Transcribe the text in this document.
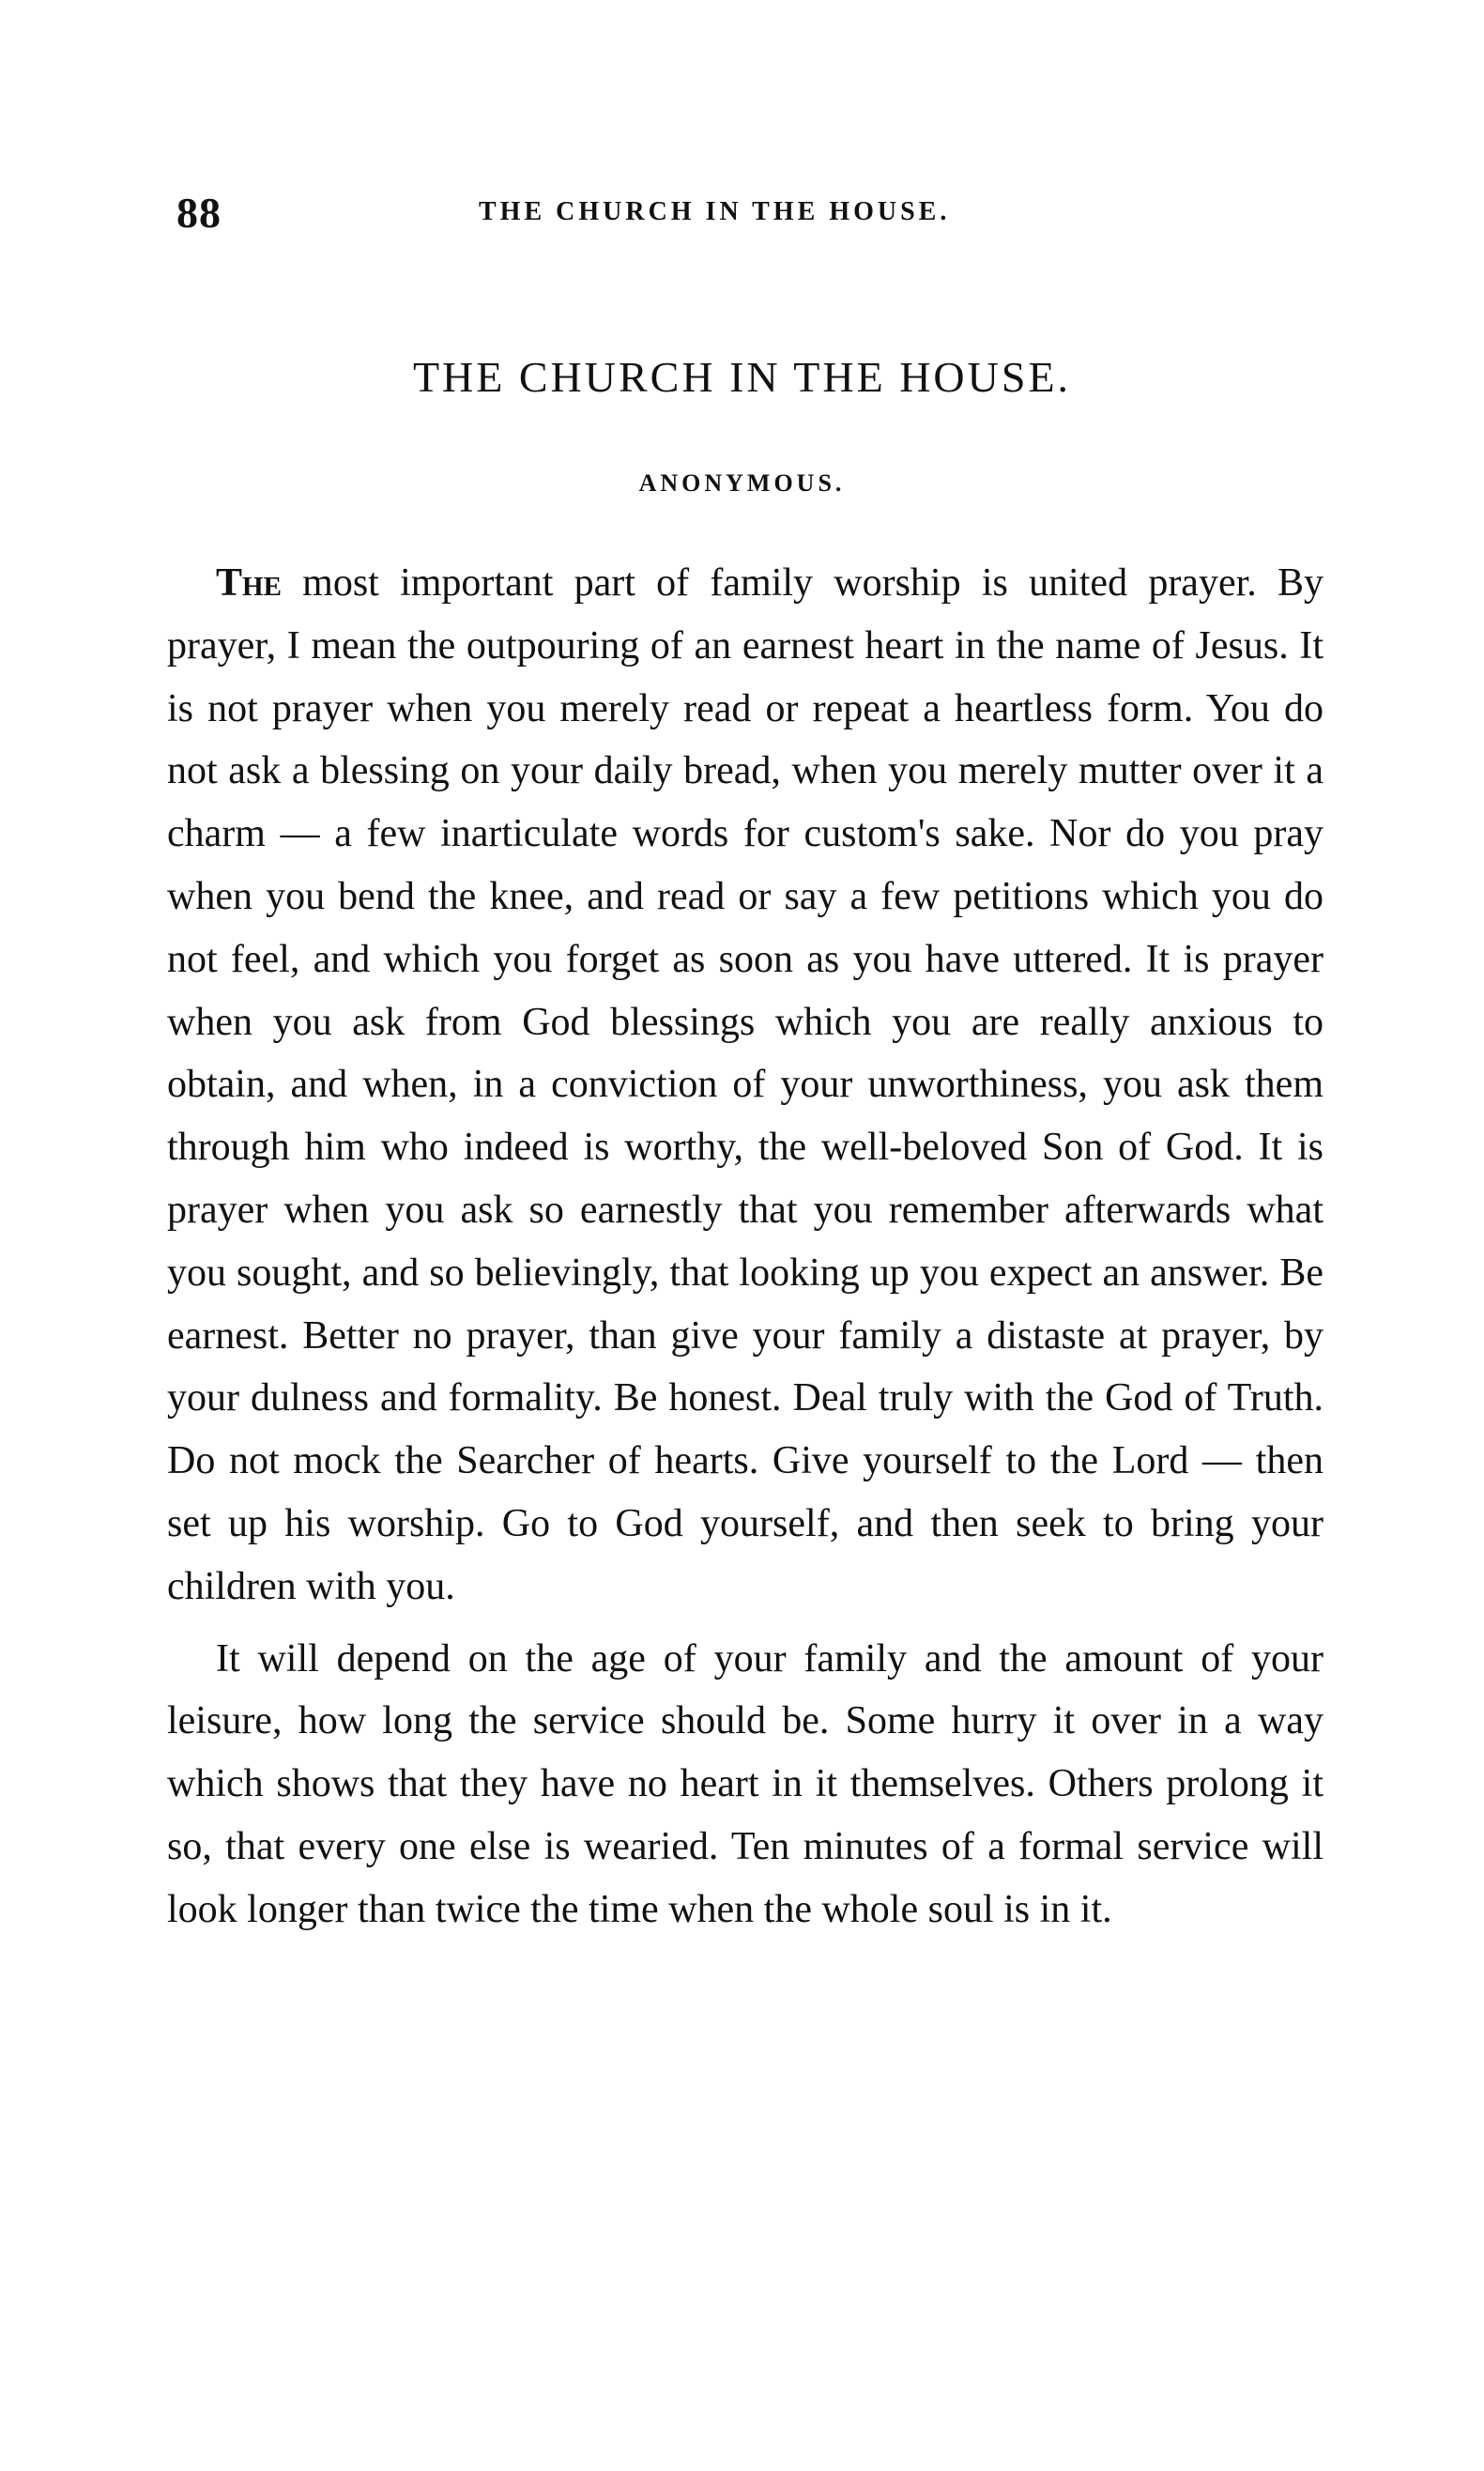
88	THE CHURCH IN THE HOUSE.
THE CHURCH IN THE HOUSE.
ANONYMOUS.

The most important part of family worship is united prayer. By prayer, I mean the outpouring of an earnest heart in the name of Jesus. It is not prayer when you merely read or repeat a heartless form. You do not ask a blessing on your daily bread, when you merely mutter over it a charm — a few inarticulate words for custom's sake. Nor do you pray when you bend the knee, and read or say a few petitions which you do not feel, and which you forget as soon as you have uttered. It is prayer when you ask from God blessings which you are really anxious to obtain, and when, in a conviction of your unworthiness, you ask them through him who indeed is worthy, the well-beloved Son of God. It is prayer when you ask so earnestly that you remember afterwards what you sought, and so believingly, that looking up you expect an answer. Be earnest. Better no prayer, than give your family a distaste at prayer, by your dulness and formality. Be honest. Deal truly with the God of Truth. Do not mock the Searcher of hearts. Give yourself to the Lord — then set up his worship. Go to God yourself, and then seek to bring your children with you.

It will depend on the age of your family and the amount of your leisure, how long the service should be. Some hurry it over in a way which shows that they have no heart in it themselves. Others prolong it so, that every one else is wearied. Ten minutes of a formal service will look longer than twice the time when the whole soul is in it.
